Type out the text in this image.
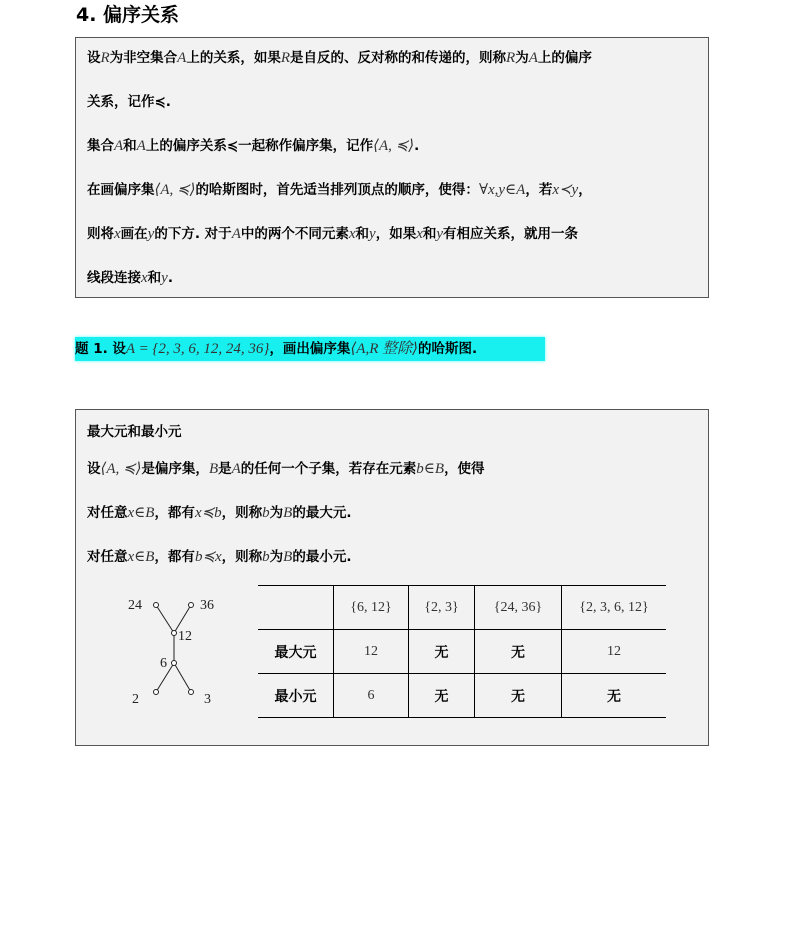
4. 偏序关系
设R为非空集合A上的关系，如果R是自反的、反对称的和传递的，则称R为A上的偏序
关系，记作≼.
集合A和A上的偏序关系≼一起称作偏序集，记作⟨A, ≼⟩.
在画偏序集⟨A, ≼⟩的哈斯图时，首先适当排列顶点的顺序，使得：∀x,y∈A，若x≺y，
则将x画在y的下方. 对于A中的两个不同元素x和y，如果x和y有相应关系，就用一条
线段连接x和y.
题 1. 设A = {2, 3, 6, 12, 24, 36}，画出偏序集⟨A,R 整除⟩的哈斯图.
24	36
12
6
2	3
	{6, 12}	{2, 3}	{24, 36}	{2, 3, 6, 12}
最大元	12	无	无	12
最小元	6	无	无	无
最大元和最小元
设⟨A, ≼⟩是偏序集，B是A的任何一个子集，若存在元素b∈B，使得
对任意x∈B，都有x≼b，则称b为B的最大元.
对任意x∈B，都有b≼x，则称b为B的最小元.
